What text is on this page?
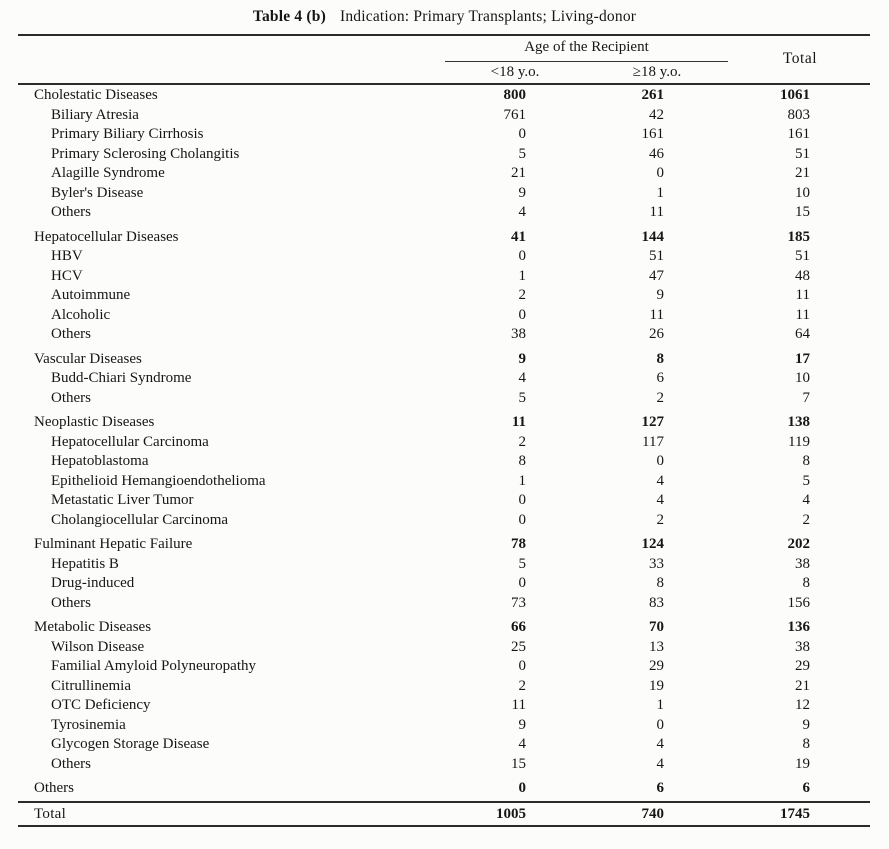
Table 4 (b) Indication: Primary Transplants; Living-donor
Age of the Recipient
<18 y.o.	≥18 y.o.
Total
Cholestatic Diseases	800	261	1061
Biliary Atresia	761	42	803
Primary Biliary Cirrhosis	0	161	161
Primary Sclerosing Cholangitis	5	46	51
Alagille Syndrome	21	0	21
Byler's Disease	9	1	10
Others	4	11	15
Hepatocellular Diseases	41	144	185
HBV	0	51	51
HCV	1	47	48
Autoimmune	2	9	11
Alcoholic	0	11	11
Others	38	26	64
Vascular Diseases	9	8	17
Budd-Chiari Syndrome	4	6	10
Others	5	2	7
Neoplastic Diseases	11	127	138
Hepatocellular Carcinoma	2	117	119
Hepatoblastoma	8	0	8
Epithelioid Hemangioendothelioma	1	4	5
Metastatic Liver Tumor	0	4	4
Cholangiocellular Carcinoma	0	2	2
Fulminant Hepatic Failure	78	124	202
Hepatitis B	5	33	38
Drug-induced	0	8	8
Others	73	83	156
Metabolic Diseases	66	70	136
Wilson Disease	25	13	38
Familial Amyloid Polyneuropathy	0	29	29
Citrullinemia	2	19	21
OTC Deficiency	11	1	12
Tyrosinemia	9	0	9
Glycogen Storage Disease	4	4	8
Others	15	4	19
Others	0	6	6
Total	1005	740	1745
